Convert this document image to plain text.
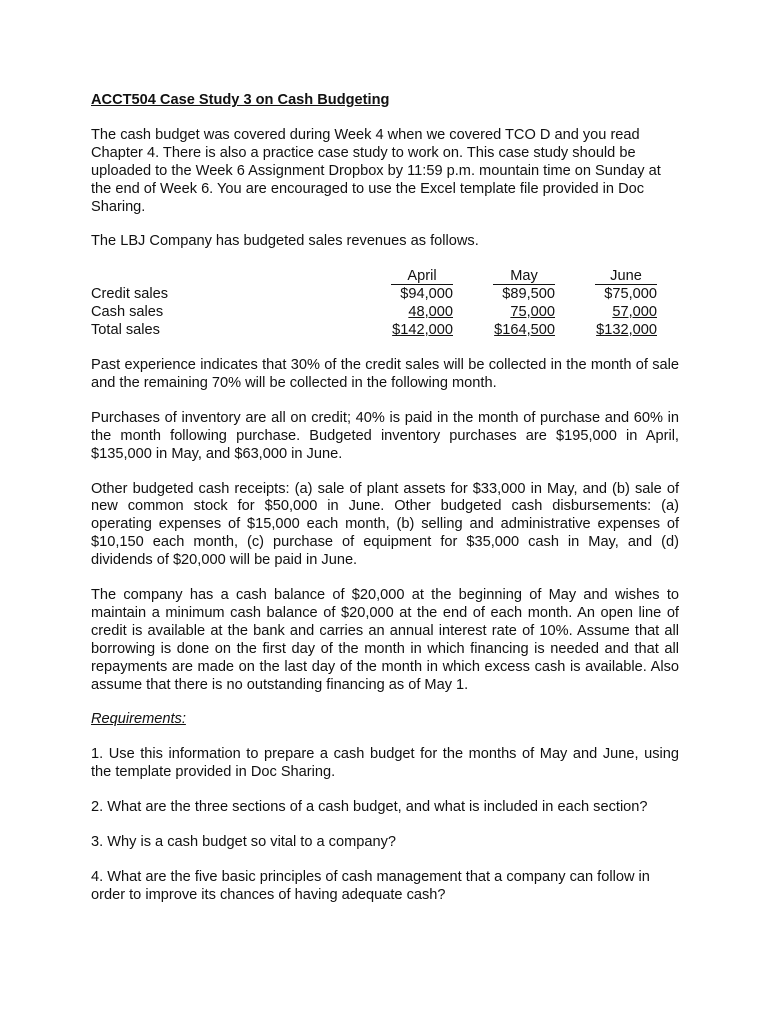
ACCT504 Case Study 3 on Cash Budgeting

The cash budget was covered during Week 4 when we covered TCO D and you read Chapter 4. There is also a practice case study to work on. This case study should be uploaded to the Week 6 Assignment Dropbox by 11:59 p.m. mountain time on Sunday at the end of Week 6. You are encouraged to use the Excel template file provided in Doc Sharing.

The LBJ Company has budgeted sales revenues as follows.

	April	May	June	
Credit sales	$94,000	$89,500	$75,000	
Cash sales	48,000	75,000	57,000	
Total sales	$142,000	$164,500	$132,000	

Past experience indicates that 30% of the credit sales will be collected in the month of sale and the remaining 70% will be collected in the following month.

Purchases of inventory are all on credit; 40% is paid in the month of purchase and 60% in the month following purchase. Budgeted inventory purchases are $195,000 in April, $135,000 in May, and $63,000 in June.

Other budgeted cash receipts: (a) sale of plant assets for $33,000 in May, and (b) sale of new common stock for $50,000 in June. Other budgeted cash disbursements: (a) operating expenses of $15,000 each month, (b) selling and administrative expenses of $10,150 each month, (c) purchase of equipment for $35,000 cash in May, and (d) dividends of $20,000 will be paid in June.

The company has a cash balance of $20,000 at the beginning of May and wishes to maintain a minimum cash balance of $20,000 at the end of each month. An open line of credit is available at the bank and carries an annual interest rate of 10%. Assume that all borrowing is done on the first day of the month in which financing is needed and that all repayments are made on the last day of the month in which excess cash is available. Also assume that there is no outstanding financing as of May 1.

Requirements:

1. Use this information to prepare a cash budget for the months of May and June, using the template provided in Doc Sharing.

2. What are the three sections of a cash budget, and what is included in each section?

3. Why is a cash budget so vital to a company?

4. What are the five basic principles of cash management that a company can follow in order to improve its chances of having adequate cash?
